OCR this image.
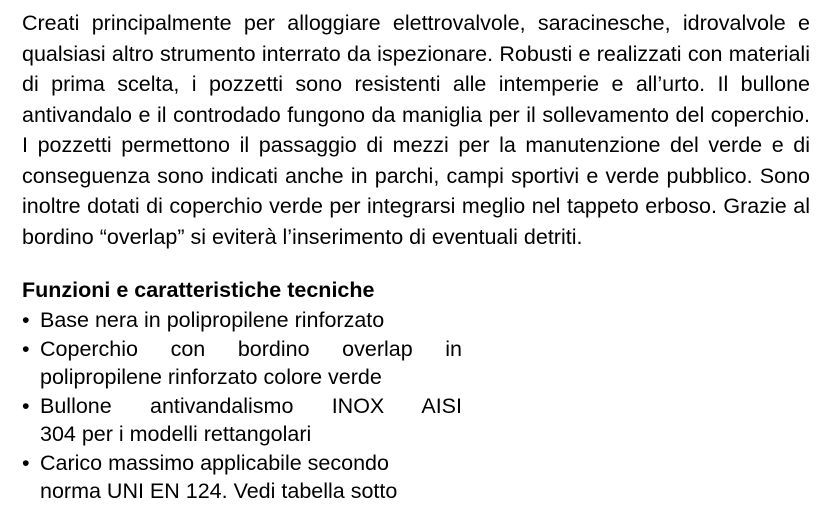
Creati principalmente per alloggiare elettrovalvole, saracinesche, idrovalvole e qualsiasi altro strumento interrato da ispezionare. Robusti e realizzati con materiali di prima scelta, i pozzetti sono resistenti alle intemperie e all’urto. Il bullone antivandalo e il controdado fungono da maniglia per il sollevamento del coperchio. I pozzetti permettono il passaggio di mezzi per la manutenzione del verde e di conseguenza sono indicati anche in parchi, campi sportivi e verde pubblico. Sono inoltre dotati di coperchio verde per integrarsi meglio nel tappeto erboso. Grazie al bordino “overlap” si eviterà l’inserimento di eventuali detriti.

Funzioni e caratteristiche tecniche
• Base nera in polipropilene rinforzato
• Coperchio con bordino overlap in
polipropilene rinforzato colore verde
• Bullone antivandalismo INOX AISI
304 per i modelli rettangolari
• Carico massimo applicabile secondo
norma UNI EN 124. Vedi tabella sotto
